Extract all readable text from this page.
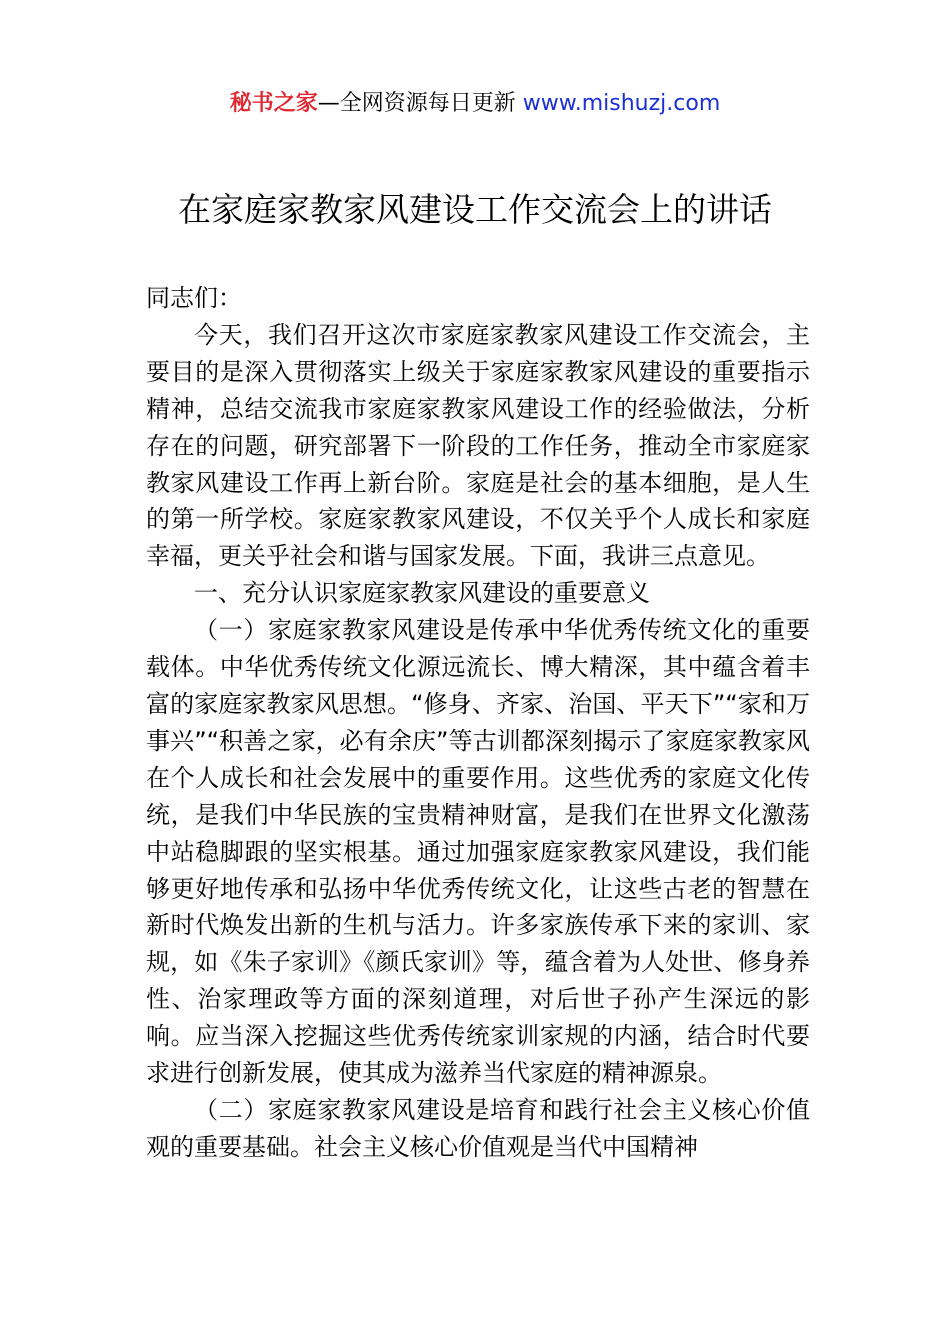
秘书之家—全网资源每日更新 www.mishuzj.com
在家庭家教家风建设工作交流会上的讲话

同志们：

今天，我们召开这次市家庭家教家风建设工作交流会，主要目的是深入贯彻落实上级关于家庭家教家风建设的重要指示精神，总结交流我市家庭家教家风建设工作的经验做法，分析存在的问题，研究部署下一阶段的工作任务，推动全市家庭家教家风建设工作再上新台阶。家庭是社会的基本细胞，是人生的第一所学校。家庭家教家风建设，不仅关乎个人成长和家庭幸福，更关乎社会和谐与国家发展。下面，我讲三点意见。

一、充分认识家庭家教家风建设的重要意义

（一）家庭家教家风建设是传承中华优秀传统文化的重要载体。中华优秀传统文化源远流长、博大精深，其中蕴含着丰富的家庭家教家风思想。“修身、齐家、治国、平天下”“家和万事兴”“积善之家，必有余庆”等古训都深刻揭示了家庭家教家风在个人成长和社会发展中的重要作用。这些优秀的家庭文化传统，是我们中华民族的宝贵精神财富，是我们在世界文化激荡中站稳脚跟的坚实根基。通过加强家庭家教家风建设，我们能够更好地传承和弘扬中华优秀传统文化，让这些古老的智慧在新时代焕发出新的生机与活力。许多家族传承下来的家训、家规，如《朱子家训》《颜氏家训》等，蕴含着为人处世、修身养性、治家理政等方面的深刻道理，对后世子孙产生深远的影响。应当深入挖掘这些优秀传统家训家规的内涵，结合时代要求进行创新发展，使其成为滋养当代家庭的精神源泉。

（二）家庭家教家风建设是培育和践行社会主义核心价值观的重要基础。社会主义核心价值观是当代中国精神
